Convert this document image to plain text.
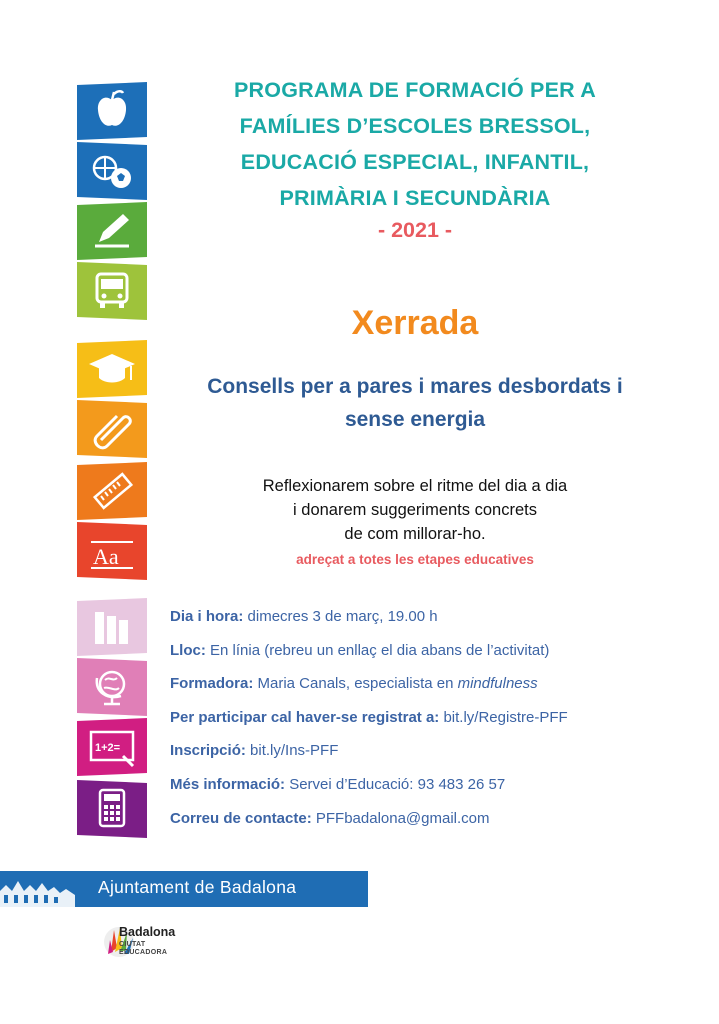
Aa
1+2=
PROGRAMA DE FORMACIÓ PER A
FAMÍLIES D’ESCOLES BRESSOL,
EDUCACIÓ ESPECIAL, INFANTIL,
PRIMÀRIA I SECUNDÀRIA
- 2021 -
Xerrada
Consells per a pares i mares desbordats i
sense energia
Reflexionarem sobre el ritme del dia a dia
i donarem suggeriments concrets
de com millorar-ho.
adreçat a totes les etapes educatives
Dia i hora: dimecres 3 de març, 19.00 h
Lloc: En línia (rebreu un enllaç el dia abans de l’activitat)
Formadora: Maria Canals, especialista en mindfulness
Per participar cal haver-se registrat a: bit.ly/Registre-PFF
Inscripció: bit.ly/Ins-PFF
Més informació: Servei d’Educació: 93 483 26 57
Correu de contacte: PFFbadalona@gmail.com
Ajuntament de Badalona
Badalona
CIUTAT
EDUCADORA
